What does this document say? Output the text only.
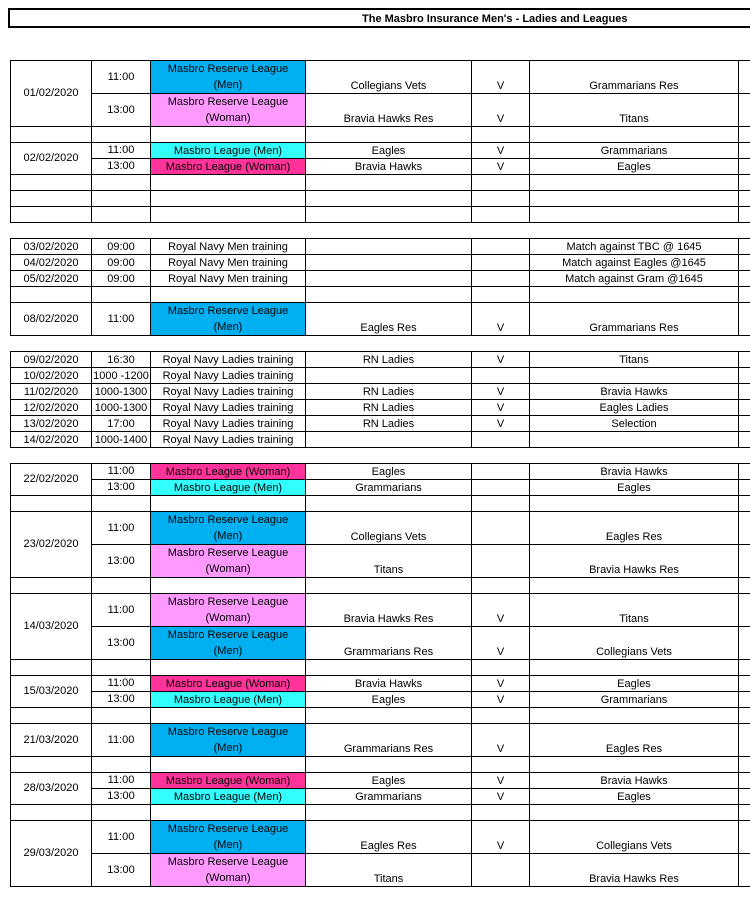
The Masbro Insurance Men's - Ladies and Leagues
01/02/2020	11:00	Masbro Reserve League (Men)	Collegians Vets	V	Grammarians Res	
	13:00	Masbro Reserve League (Woman)	Bravia Hawks Res	V	Titans	

02/02/2020	11:00	Masbro League (Men)	Eagles	V	Grammarians	
	13:00	Masbro League (Woman)	Bravia Hawks	V	Eagles	

03/02/2020	09:00	Royal Navy Men training			Match against TBC @ 1645	
04/02/2020	09:00	Royal Navy Men training			Match against Eagles @1645	
05/02/2020	09:00	Royal Navy Men training			Match against Gram @1645	

08/02/2020	11:00	Masbro Reserve League (Men)	Eagles Res	V	Grammarians Res	

09/02/2020	16:30	Royal Navy Ladies training	RN Ladies	V	Titans	
10/02/2020	1000 -1200	Royal Navy Ladies training				
11/02/2020	1000-1300	Royal Navy Ladies training	RN Ladies	V	Bravia Hawks	
12/02/2020	1000-1300	Royal Navy Ladies training	RN Ladies	V	Eagles Ladies	
13/02/2020	17:00	Royal Navy Ladies training	RN Ladies	V	Selection	
14/02/2020	1000-1400	Royal Navy Ladies training				

22/02/2020	11:00	Masbro League (Woman)	Eagles		Bravia Hawks	
	13:00	Masbro League (Men)	Grammarians		Eagles	

23/02/2020	11:00	Masbro Reserve League (Men)	Collegians Vets		Eagles Res	
	13:00	Masbro Reserve League (Woman)	Titans		Bravia Hawks Res	

14/03/2020	11:00	Masbro Reserve League (Woman)	Bravia Hawks Res	V	Titans	
	13:00	Masbro Reserve League (Men)	Grammarians Res	V	Collegians Vets	

15/03/2020	11:00	Masbro League (Woman)	Bravia Hawks	V	Eagles	
	13:00	Masbro League (Men)	Eagles	V	Grammarians	

21/03/2020	11:00	Masbro Reserve League (Men)	Grammarians Res	V	Eagles Res	

28/03/2020	11:00	Masbro League (Woman)	Eagles	V	Bravia Hawks	
	13:00	Masbro League (Men)	Grammarians	V	Eagles	

29/03/2020	11:00	Masbro Reserve League (Men)	Eagles Res	V	Collegians Vets	
	13:00	Masbro Reserve League (Woman)	Titans		Bravia Hawks Res	
